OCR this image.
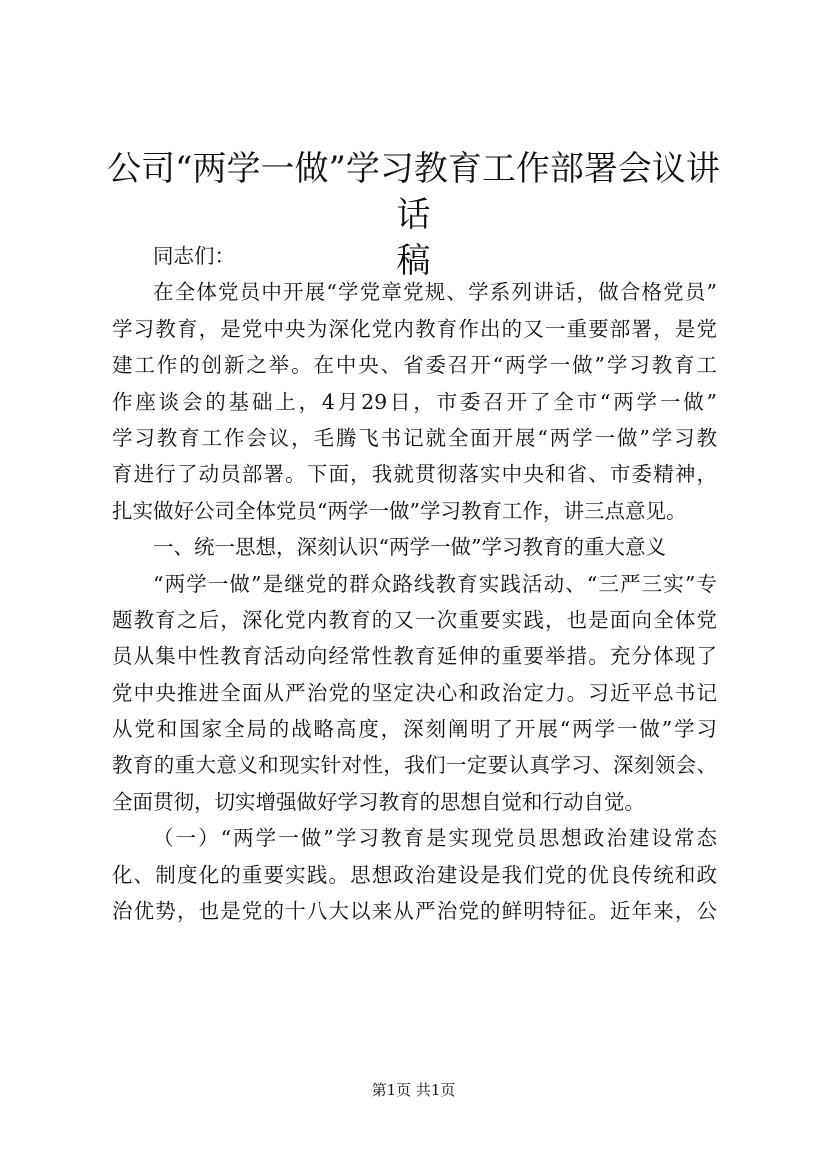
公司“两学一做”学习教育工作部署会议讲话
稿
同志们：
在全体党员中开展“学党章党规、学系列讲话，做合格党员”
学习教育，是党中央为深化党内教育作出的又一重要部署，是党
建工作的创新之举。在中央、省委召开“两学一做”学习教育工
作座谈会的基础上，4月29日，市委召开了全市“两学一做”
学习教育工作会议，毛腾飞书记就全面开展“两学一做”学习教
育进行了动员部署。下面，我就贯彻落实中央和省、市委精神，
扎实做好公司全体党员“两学一做”学习教育工作，讲三点意见。
一、统一思想，深刻认识“两学一做”学习教育的重大意义
“两学一做”是继党的群众路线教育实践活动、“三严三实”专
题教育之后，深化党内教育的又一次重要实践，也是面向全体党
员从集中性教育活动向经常性教育延伸的重要举措。充分体现了
党中央推进全面从严治党的坚定决心和政治定力。习近平总书记
从党和国家全局的战略高度，深刻阐明了开展“两学一做”学习
教育的重大意义和现实针对性，我们一定要认真学习、深刻领会、
全面贯彻，切实增强做好学习教育的思想自觉和行动自觉。
（一）“两学一做”学习教育是实现党员思想政治建设常态
化、制度化的重要实践。思想政治建设是我们党的优良传统和政
治优势，也是党的十八大以来从严治党的鲜明特征。近年来，公
第1页 共1页
